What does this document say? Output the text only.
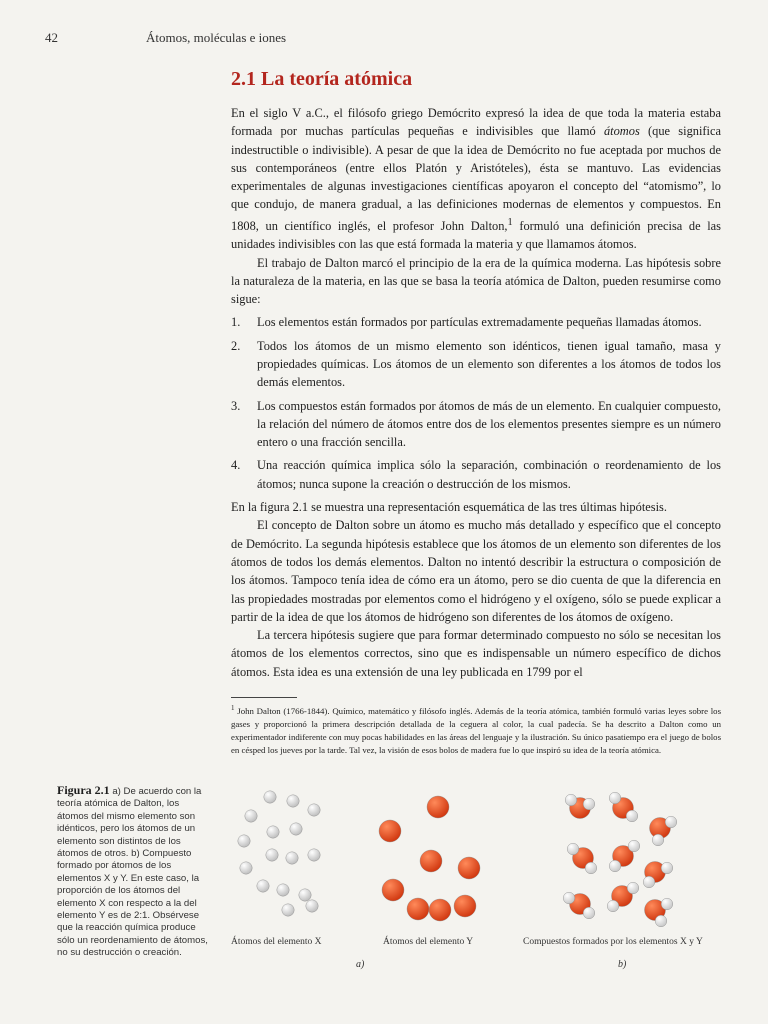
42	Átomos, moléculas e iones
2.1 La teoría atómica

En el siglo V a.C., el filósofo griego Demócrito expresó la idea de que toda la materia estaba formada por muchas partículas pequeñas e indivisibles que llamó átomos (que significa indestructible o indivisible). A pesar de que la idea de Demócrito no fue aceptada por muchos de sus contemporáneos (entre ellos Platón y Aristóteles), ésta se mantuvo. Las evidencias experimentales de algunas investigaciones científicas apoyaron el concepto del “atomismo”, lo que condujo, de manera gradual, a las definiciones modernas de elementos y compuestos. En 1808, un científico inglés, el profesor John Dalton,$^1$ formuló una definición precisa de las unidades indivisibles con las que está formada la materia y que llamamos átomos.

El trabajo de Dalton marcó el principio de la era de la química moderna. Las hipótesis sobre la naturaleza de la materia, en las que se basa la teoría atómica de Dalton, pueden resumirse como sigue:

1. Los elementos están formados por partículas extremadamente pequeñas llamadas átomos.
2. Todos los átomos de un mismo elemento son idénticos, tienen igual tamaño, masa y propiedades químicas. Los átomos de un elemento son diferentes a los átomos de todos los demás elementos.
3. Los compuestos están formados por átomos de más de un elemento. En cualquier compuesto, la relación del número de átomos entre dos de los elementos presentes siempre es un número entero o una fracción sencilla.
4. Una reacción química implica sólo la separación, combinación o reordenamiento de los átomos; nunca supone la creación o destrucción de los mismos.

En la figura 2.1 se muestra una representación esquemática de las tres últimas hipótesis.

El concepto de Dalton sobre un átomo es mucho más detallado y específico que el concepto de Demócrito. La segunda hipótesis establece que los átomos de un elemento son diferentes de los átomos de todos los demás elementos. Dalton no intentó describir la estructura o composición de los átomos. Tampoco tenía idea de cómo era un átomo, pero se dio cuenta de que la diferencia en las propiedades mostradas por elementos como el hidrógeno y el oxígeno, sólo se puede explicar a partir de la idea de que los átomos de hidrógeno son diferentes de los átomos de oxígeno.

La tercera hipótesis sugiere que para formar determinado compuesto no sólo se necesitan los átomos de los elementos correctos, sino que es indispensable un número específico de dichos átomos. Esta idea es una extensión de una ley publicada en 1799 por el

$^1$ John Dalton (1766-1844). Químico, matemático y filósofo inglés. Además de la teoría atómica, también formuló varias leyes sobre los gases y proporcionó la primera descripción detallada de la ceguera al color, la cual padecía. Se ha descrito a Dalton como un experimentador indiferente con muy pocas habilidades en las áreas del lenguaje y la ilustración. Su único pasatiempo era el juego de bolos en césped los jueves por la tarde. Tal vez, la visión de esos bolos de madera fue lo que inspiró su idea de la teoría atómica.
Figura 2.1 a) De acuerdo con la teoría atómica de Dalton, los átomos del mismo elemento son idénticos, pero los átomos de un elemento son distintos de los átomos de otros. b) Compuesto formado por átomos de los elementos X y Y. En este caso, la proporción de los átomos del elemento X con respecto a la del elemento Y es de 2:1. Obsérvese que la reacción química produce sólo un reordenamiento de átomos, no su destrucción o creación.
Átomos del elemento X	Átomos del elemento Y	Compuestos formados por los elementos X y Y
a)	b)
